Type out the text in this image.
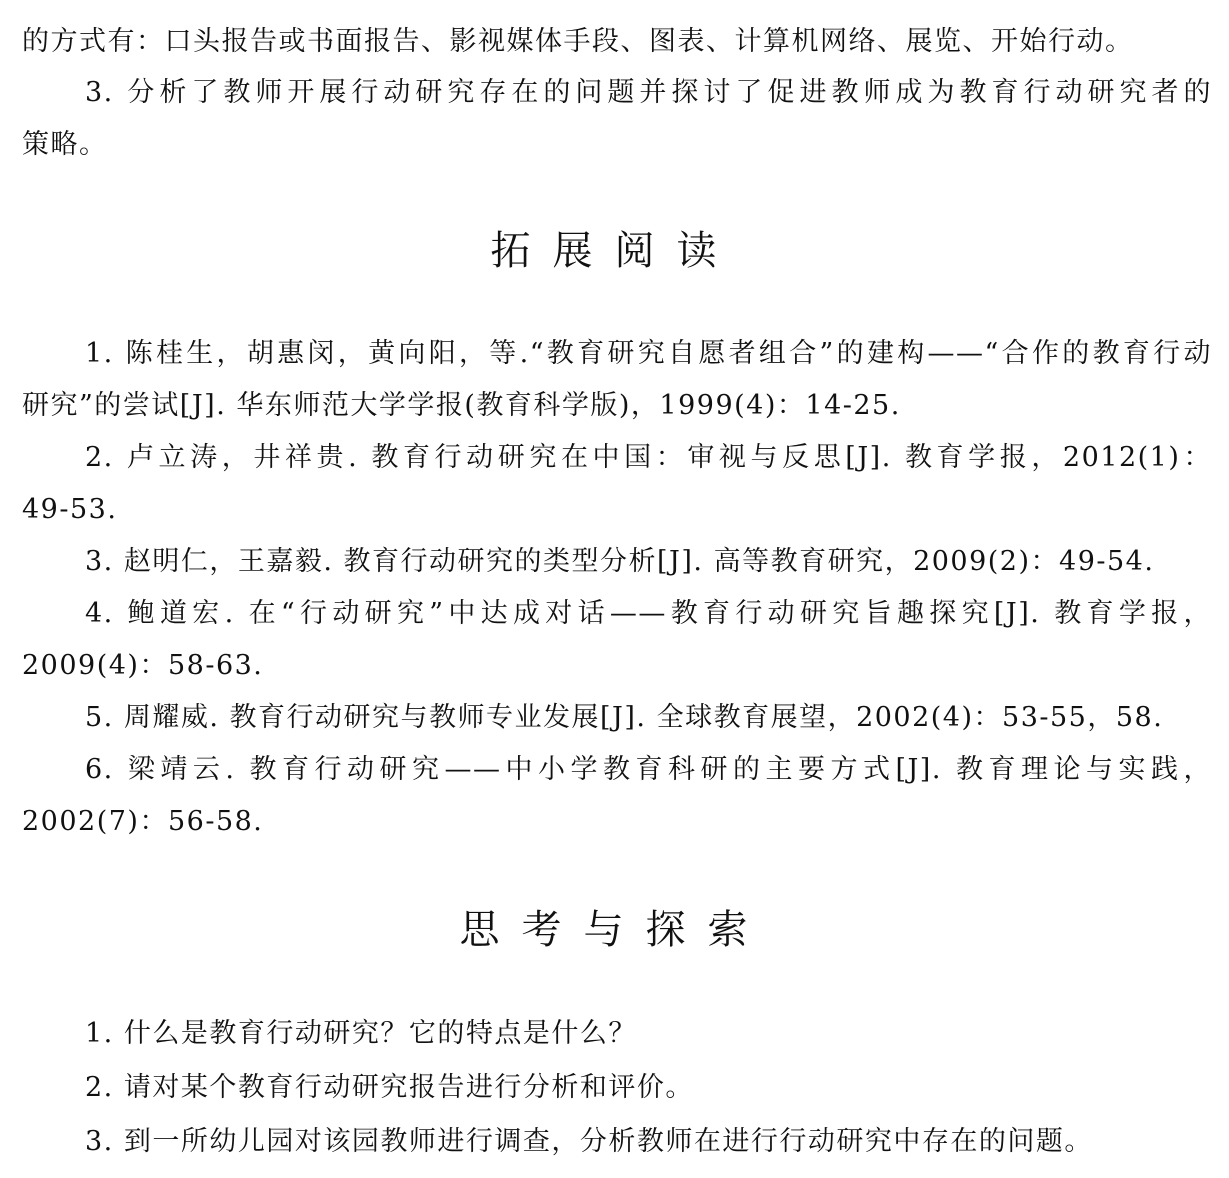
的方式有：口头报告或书面报告、影视媒体手段、图表、计算机网络、展览、开始行动。
3. 分析了教师开展行动研究存在的问题并探讨了促进教师成为教育行动研究者的
策略。
拓展阅读
1. 陈桂生，胡惠闵，黄向阳，等.“教育研究自愿者组合”的建构——“合作的教育行动
研究”的尝试[J]. 华东师范大学学报(教育科学版)，1999(4)：14-25.
2. 卢立涛，井祥贵. 教育行动研究在中国：审视与反思[J]. 教育学报，2012(1)：
49-53.
3. 赵明仁，王嘉毅. 教育行动研究的类型分析[J]. 高等教育研究，2009(2)：49-54.
4. 鲍道宏. 在“行动研究”中达成对话——教育行动研究旨趣探究[J]. 教育学报，
2009(4)：58-63.
5. 周耀威. 教育行动研究与教师专业发展[J]. 全球教育展望，2002(4)：53-55，58.
6. 梁靖云. 教育行动研究——中小学教育科研的主要方式[J]. 教育理论与实践，
2002(7)：56-58.
思考与探索
1. 什么是教育行动研究？它的特点是什么？
2. 请对某个教育行动研究报告进行分析和评价。
3. 到一所幼儿园对该园教师进行调查，分析教师在进行行动研究中存在的问题。
